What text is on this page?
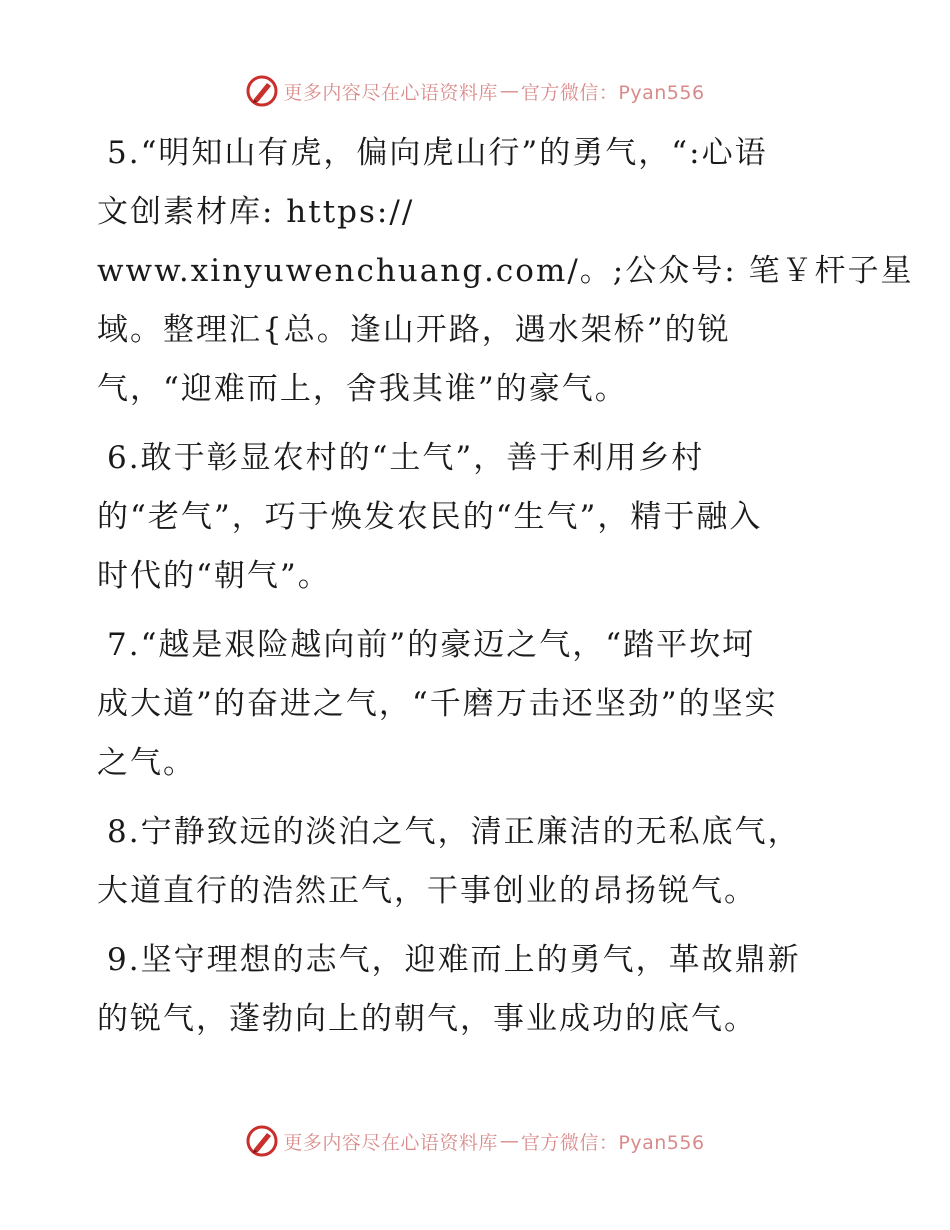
更多内容尽在心语资料库 — 官方微信：Pyan556
5.“明知山有虎，偏向虎山行”的勇气，“:心语
文创素材库: https://
www.xinyuwenchuang.com/。;公众号: 笔￥杆子星
域。整理汇{总。逢山开路，遇水架桥”的锐
气，“迎难而上，舍我其谁”的豪气。
6.敢于彰显农村的“土气”，善于利用乡村
的“老气”，巧于焕发农民的“生气”，精于融入
时代的“朝气”。
7.“越是艰险越向前”的豪迈之气，“踏平坎坷
成大道”的奋进之气，“千磨万击还坚劲”的坚实
之气。
8.宁静致远的淡泊之气，清正廉洁的无私底气，
大道直行的浩然正气，干事创业的昂扬锐气。
9.坚守理想的志气，迎难而上的勇气，革故鼎新
的锐气，蓬勃向上的朝气，事业成功的底气。
更多内容尽在心语资料库 — 官方微信：Pyan556
